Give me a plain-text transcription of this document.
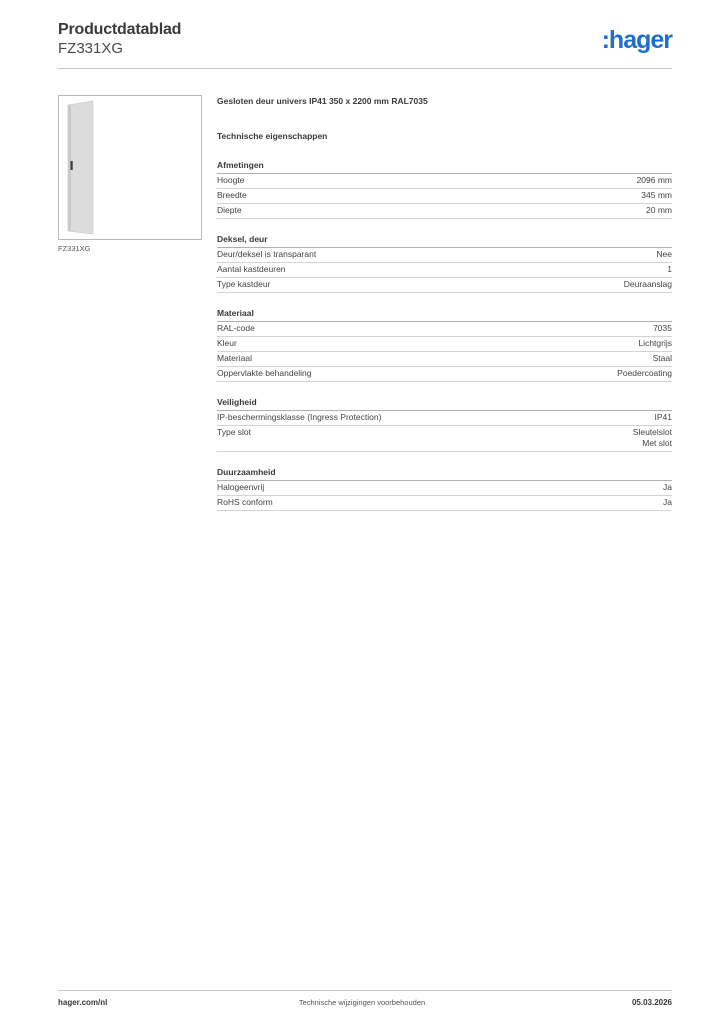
Productdatablad
FZ331XG	:hager
FZ331XG
Gesloten deur univers IP41 350 x 2200 mm RAL7035
Technische eigenschappen
Afmetingen
Hoogte	2096 mm
Breedte	345 mm
Diepte	20 mm
Deksel, deur
Deur/deksel is transparant	Nee
Aantal kastdeuren	1
Type kastdeur	Deuraanslag
Materiaal
RAL-code	7035
Kleur	Lichtgrijs
Materiaal	Staal
Oppervlakte behandeling	Poedercoating
Veiligheid
IP-beschermingsklasse (Ingress Protection)	IP41
Type slot	Sleutelslot
Met slot
Duurzaamheid
Halogeenvrij	Ja
RoHS conform	Ja
hager.com/nl	Technische wijzigingen voorbehouden	05.03.2026
